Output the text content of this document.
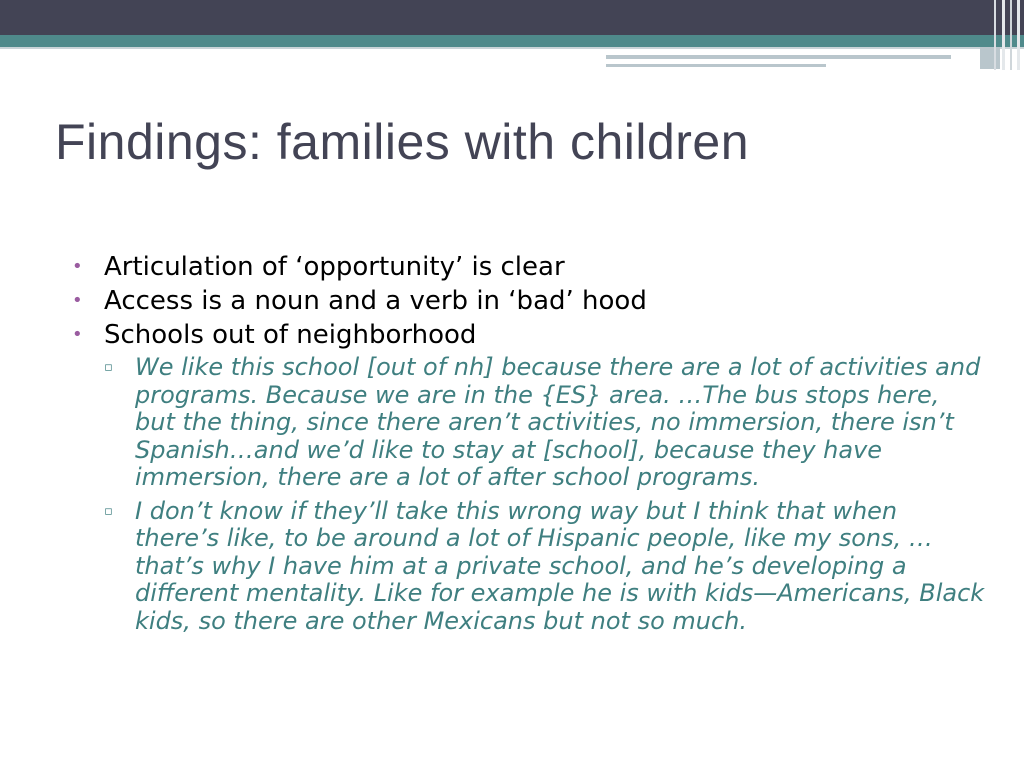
Findings: families with children
• Articulation of ‘opportunity’ is clear
• Access is a noun and a verb in ‘bad’ hood
• Schools out of neighborhood
▫ We like this school [out of nh] because there are a lot of activities and programs. Because we are in the {ES} area. …The bus stops here, but the thing, since there aren’t activities, no immersion, there isn’t Spanish…and we’d like to stay at [school], because they have immersion, there are a lot of after school programs.
▫ I don’t know if they’ll take this wrong way but I think that when there’s like, to be around a lot of Hispanic people, like my sons, …that’s why I have him at a private school, and he’s developing a different mentality. Like for example he is with kids—Americans, Black kids, so there are other Mexicans but not so much.
